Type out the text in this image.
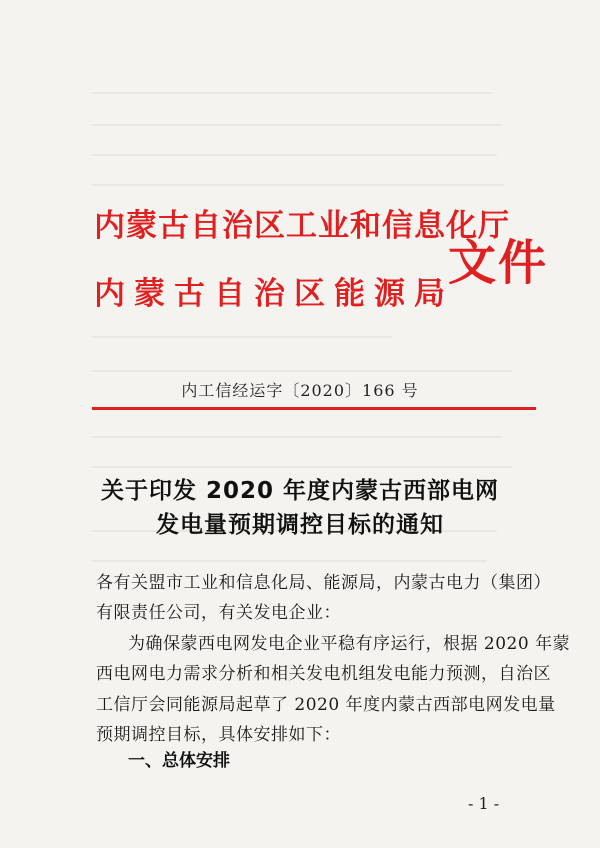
内蒙古自治区工业和信息化厅
内蒙古自治区能源局
文件
内工信经运字〔2020〕166 号
关于印发 2020 年度内蒙古西部电网
发电量预期调控目标的通知
各有关盟市工业和信息化局、能源局，内蒙古电力（集团）
有限责任公司，有关发电企业：
为确保蒙西电网发电企业平稳有序运行，根据 2020 年蒙
西电网电力需求分析和相关发电机组发电能力预测，自治区
工信厅会同能源局起草了 2020 年度内蒙古西部电网发电量
预期调控目标，具体安排如下：
一、总体安排
- 1 -
